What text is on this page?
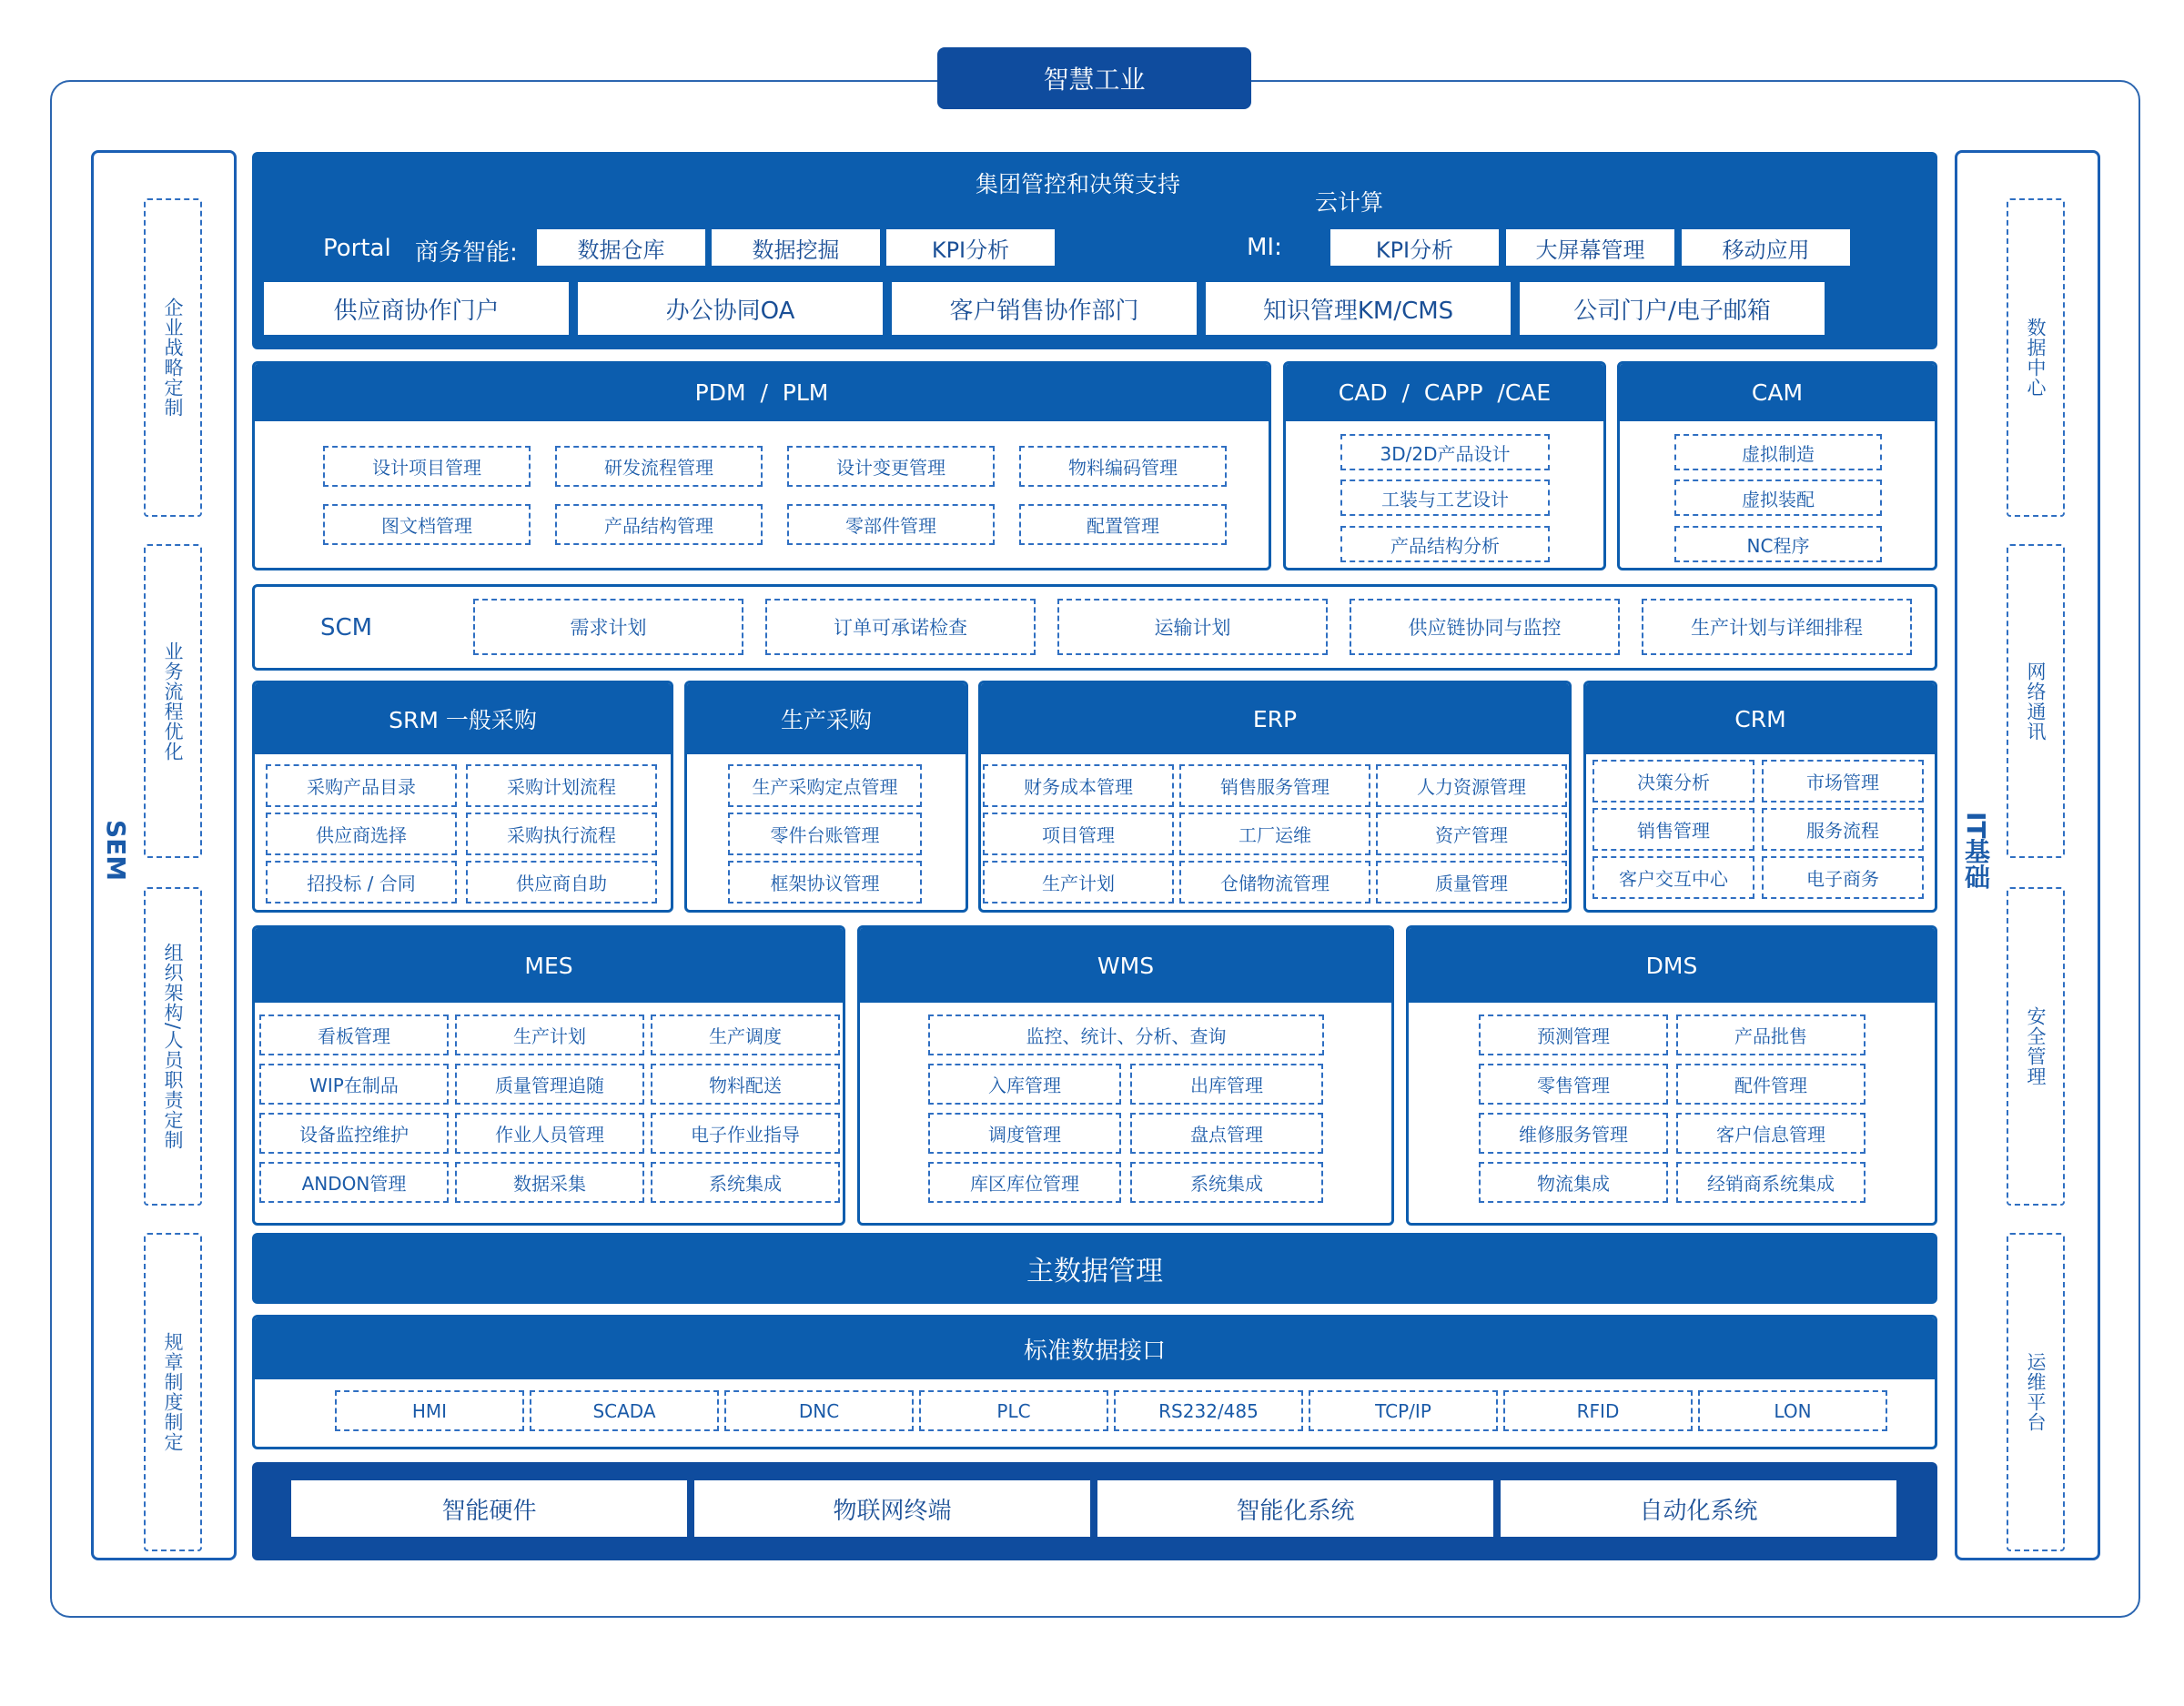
智慧工业
SEM
企业战略定制
业务流程优化
组织架构/人员职责定制
规章制度制定
IT基础
数据中心
网络通讯
安全管理
运维平台
集团管控和决策支持
云计算
Portal 商务智能:	数据仓库	数据挖掘	KPI分析	MI:	KPI分析	大屏幕管理	移动应用
供应商协作门户	办公协同OA	客户销售协作部门	知识管理KM/CMS	公司门户/电子邮箱
PDM  /  PLM
设计项目管理	研发流程管理	设计变更管理	物料编码管理
图文档管理	产品结构管理	零部件管理	配置管理
CAD  /  CAPP  /CAE
3D/2D产品设计
工装与工艺设计
产品结构分析
CAM
虚拟制造
虚拟装配
NC程序
SCM	需求计划	订单可承诺检查	运输计划	供应链协同与监控	生产计划与详细排程
SRM 一般采购
采购产品目录	采购计划流程
供应商选择	采购执行流程
招投标 / 合同	供应商自助
生产采购
生产采购定点管理
零件台账管理
框架协议管理
ERP
财务成本管理	销售服务管理	人力资源管理
项目管理	工厂运维	资产管理
生产计划	仓储物流管理	质量管理
CRM
决策分析	市场管理
销售管理	服务流程
客户交互中心	电子商务
MES
看板管理	生产计划	生产调度
WIP在制品	质量管理追随	物料配送
设备监控维护	作业人员管理	电子作业指导
ANDON管理	数据采集	系统集成
WMS
监控、统计、分析、查询
入库管理	出库管理
调度管理	盘点管理
库区库位管理	系统集成
DMS
预测管理	产品批售
零售管理	配件管理
维修服务管理	客户信息管理
物流集成	经销商系统集成
主数据管理
标准数据接口
HMI	SCADA	DNC	PLC	RS232/485	TCP/IP	RFID	LON
智能硬件	物联网终端	智能化系统	自动化系统
